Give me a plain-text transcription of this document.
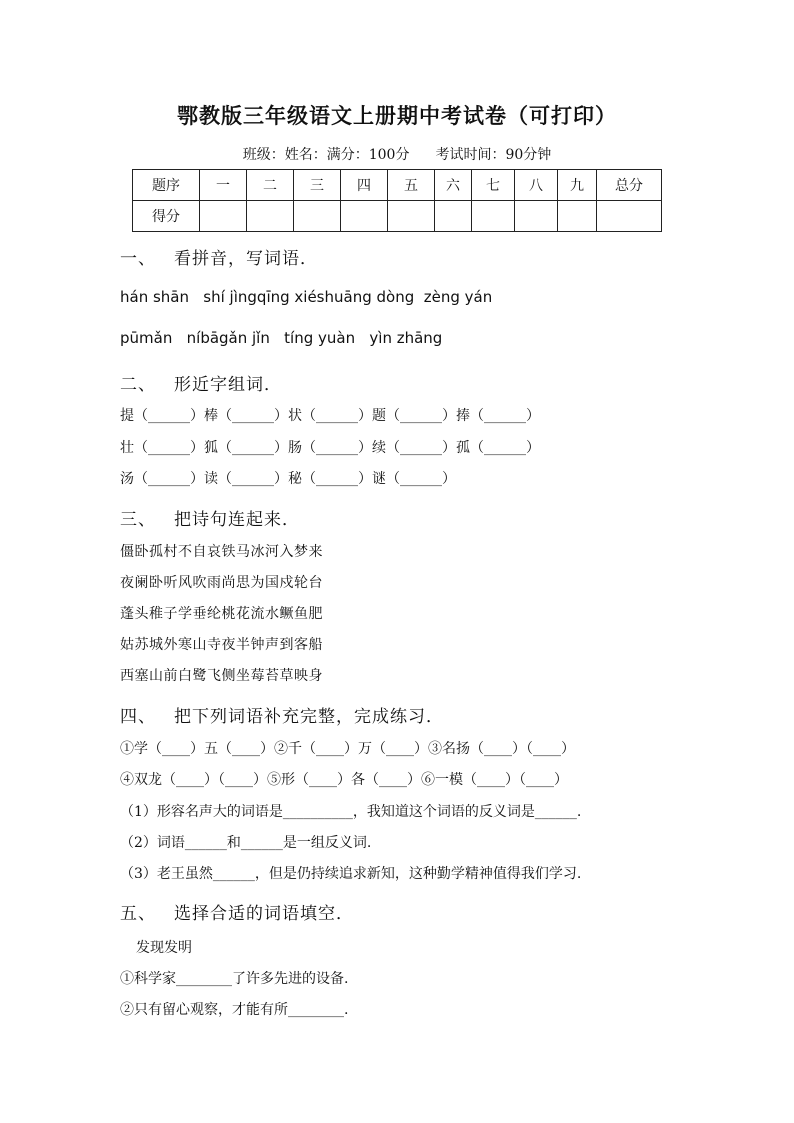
鄂教版三年级语文上册期中考试卷（可打印）
班级：姓名：满分：100分 考试时间：90分钟
题序	一	二	三	四	五	六	七	八	九	总分
得分										
一、 看拼音，写词语．
hán shān   shí jìngqīng xiéshuāng dòng  zèng yán
pūmǎn   níbāgǎn jǐn   tíng yuàn   yìn zhāng
二、 形近字组词．
提（______）棒（______）状（______）题（______）捧（______）
壮（______）狐（______）肠（______）续（______）孤（______）
汤（______）读（______）秘（______）谜（______）
三、 把诗句连起来．
僵卧孤村不自哀铁马冰河入梦来
夜阑卧听风吹雨尚思为国戍轮台
蓬头稚子学垂纶桃花流水鳜鱼肥
姑苏城外寒山寺夜半钟声到客船
西塞山前白鹭飞侧坐莓苔草映身
四、 把下列词语补充完整，完成练习．
①学（____）五（____）②千（____）万（____）③名扬（____）（____）
④双龙（____）（____）⑤形（____）各（____）⑥一模（____）（____）
（1）形容名声大的词语是__________，我知道这个词语的反义词是______.
（2）词语______和______是一组反义词.
（3）老王虽然______，但是仍持续追求新知，这种勤学精神值得我们学习.
五、 选择合适的词语填空．
发现发明
①科学家________了许多先进的设备.
②只有留心观察，才能有所________.
